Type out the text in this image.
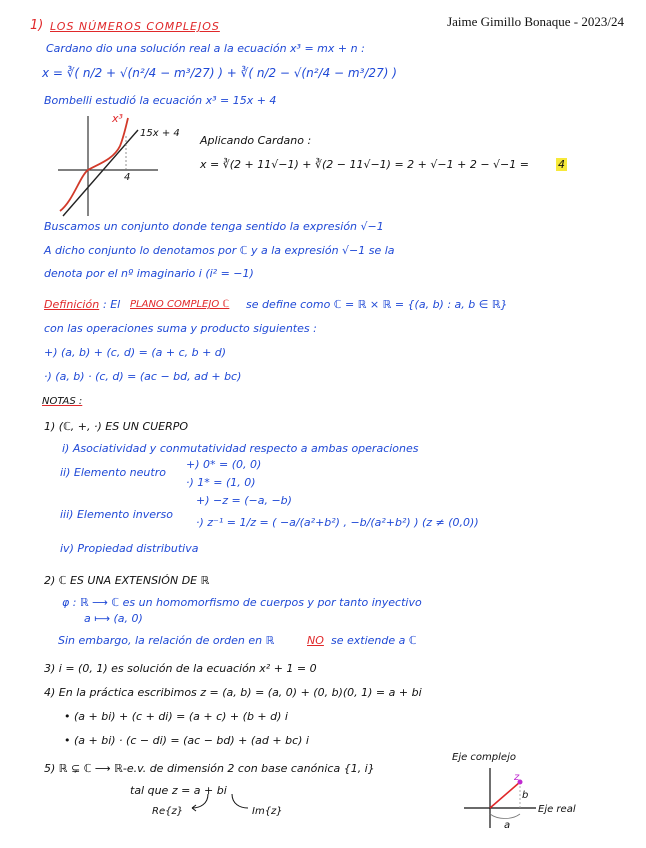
Jaime Gimillo Bonaque - 2023/24
1) LOS NÚMEROS COMPLEJOS
Cardano dio una solución real a la ecuación x³ = mx + n :
x = ∛( n/2 + √(n²/4 − m³/27) ) + ∛( n/2 − √(n²/4 − m³/27) )
Bombelli estudió la ecuación x³ = 15x + 4
x³
15x + 4
4
Aplicando Cardano :
x = ∛(2 + 11√−1) + ∛(2 − 11√−1) = 2 + √−1 + 2 − √−1 =	4
Buscamos un conjunto donde tenga sentido la expresión √−1
A dicho conjunto lo denotamos por ℂ y a la expresión √−1 se la
denota por el nº imaginario i (i² = −1)
Definición : El PLANO COMPLEJO ℂ se define como ℂ = ℝ × ℝ = {(a, b) : a, b ∈ ℝ}
con las operaciones suma y producto siguientes :
+) (a, b) + (c, d) = (a + c, b + d)
·) (a, b) · (c, d) = (ac − bd, ad + bc)
NOTAS :
1) (ℂ, +, ·) ES UN CUERPO
i) Asociatividad y conmutatividad respecto a ambas operaciones
ii) Elemento neutro
+) 0* = (0, 0)
·) 1* = (1, 0)
iii) Elemento inverso
+) −z = (−a, −b)
·) z⁻¹ = 1/z = ( −a/(a²+b²) , −b/(a²+b²) ) (z ≠ (0,0))
iv) Propiedad distributiva
2) ℂ ES UNA EXTENSIÓN DE ℝ
φ : ℝ ⟶ ℂ es un homomorfismo de cuerpos y por tanto inyectivo
a ⟼ (a, 0)
Sin embargo, la relación de orden en ℝ	NO se extiende a ℂ
3) i = (0, 1) es solución de la ecuación x² + 1 = 0
4) En la práctica escribimos z = (a, b) = (a, 0) + (0, b)(0, 1) = a + bi
• (a + bi) + (c + di) = (a + c) + (b + d) i
• (a + bi) · (c − di) = (ac − bd) + (ad + bc) i
5) ℝ ⊊ ℂ ⟶ ℝ-e.v. de dimensión 2 con base canónica {1, i}
tal que z = a + bi
Re{z}	Im{z}
Eje complejo
Eje real
z
b
a
